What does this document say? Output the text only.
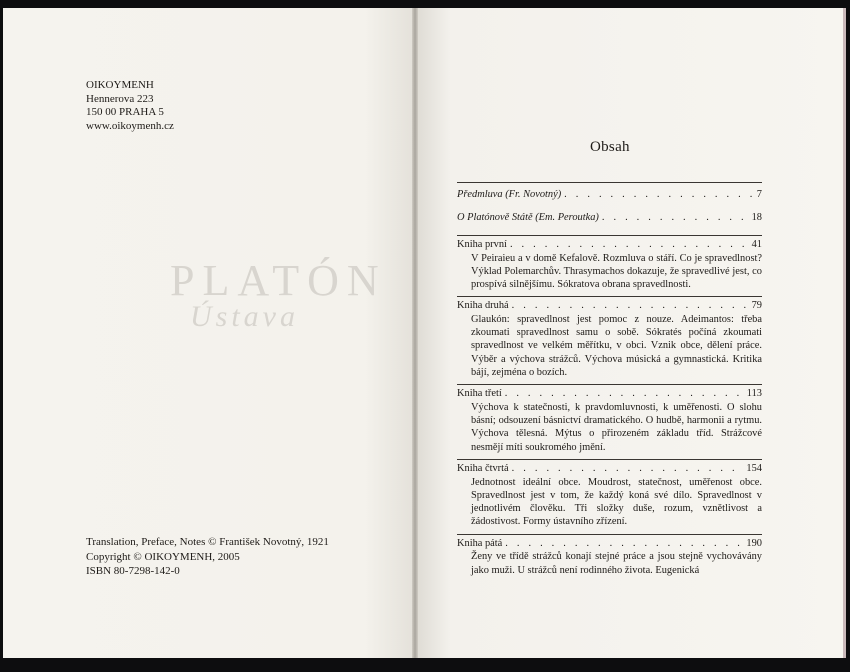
PLATÓN
Ústava
OIKOYMENH
Hennerova 223
150 00 PRAHA 5
www.oikoymenh.cz
Translation, Preface, Notes © František Novotný, 1921
Copyright © OIKOYMENH, 2005
ISBN 80-7298-142-0
Obsah
Předmluva (Fr. Novotný) . . .	7
O Platónově Státě (Em. Peroutka) . . .	18
Kniha první . . .	41
V Peiraieu a v domě Kefalově. Rozmluva o stáří. Co je spravedlnost? Výklad Polemarchův. Thrasymachos dokazuje, že spravedlivé jest, co prospívá silnějšímu. Sókratova obrana spravedlnosti.
Kniha druhá . . .	79
Glaukón: spravedlnost jest pomoc z nouze. Adeimantos: třeba zkoumati spravedlnost samu o sobě. Sókratés počíná zkoumati spravedlnost ve velkém měřítku, v obci. Vznik obce, dělení práce. Výběr a výchova strážců. Výchova músická a gymnastická. Kritika bájí, zejména o bozích.
Kniha třetí . . .	113
Výchova k statečnosti, k pravdomluvnosti, k uměřenosti. O slohu básní; odsouzení básnictví dramatického. O hudbě, harmonii a rytmu. Výchova tělesná. Mýtus o přirozeném základu tříd. Strážcové nesmějí míti soukromého jmění.
Kniha čtvrtá . . .	154
Jednotnost ideální obce. Moudrost, statečnost, uměřenost obce. Spravedlnost jest v tom, že každý koná své dílo. Spravedlnost v jednotlivém člověku. Tři složky duše, rozum, vznětlivost a žádostivost. Formy ústavního zřízení.
Kniha pátá . . .	190
Ženy ve třídě strážců konají stejné práce a jsou stejně vychovávány jako muži. U strážců není rodinného života. Eugenická
